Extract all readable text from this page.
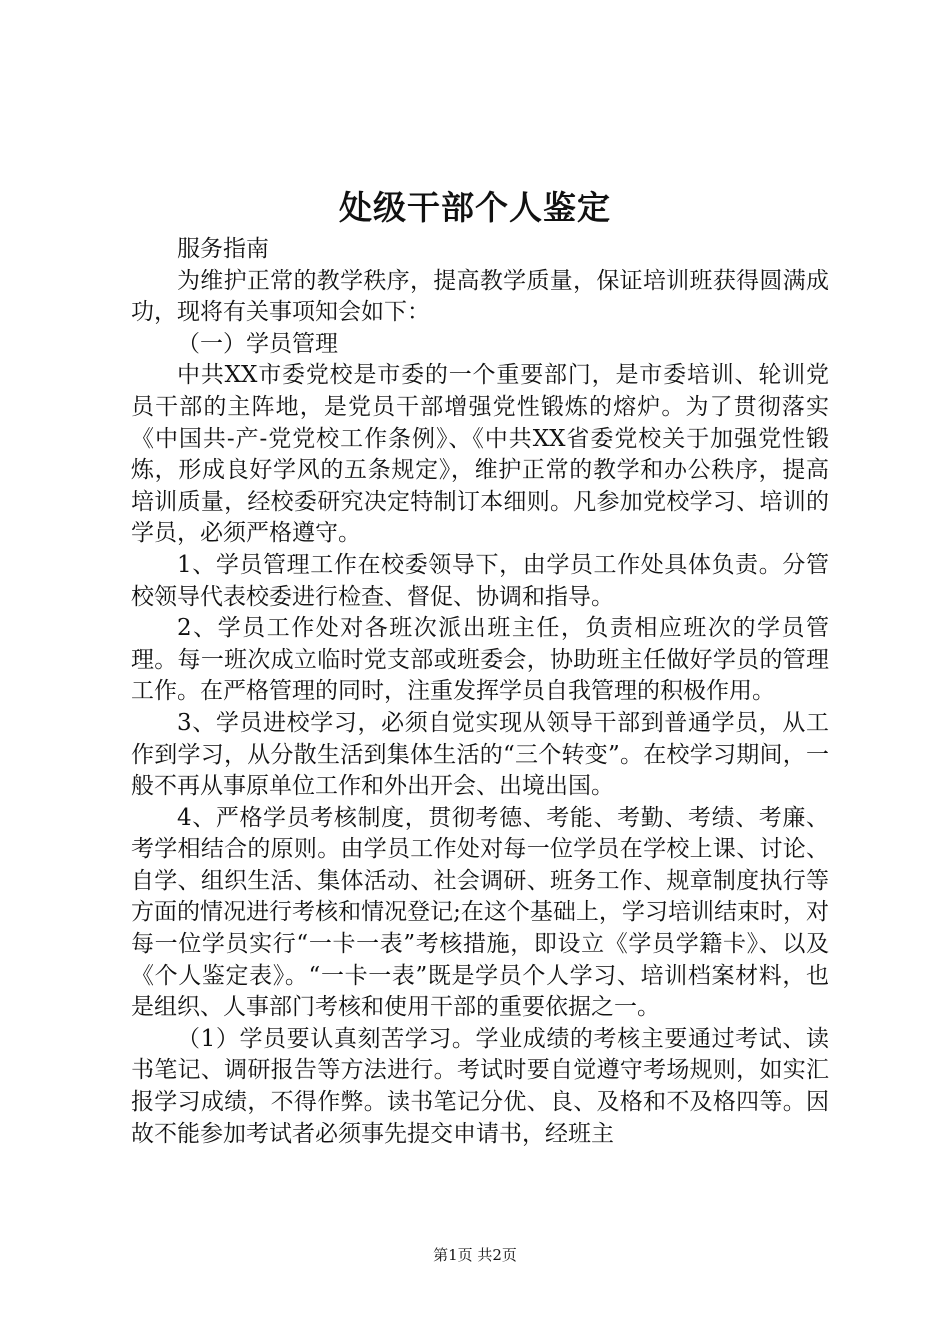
处级干部个人鉴定

服务指南

为维护正常的教学秩序，提高教学质量，保证培训班获得圆满成功，现将有关事项知会如下：

（一）学员管理

中共XX市委党校是市委的一个重要部门，是市委培训、轮训党员干部的主阵地，是党员干部增强党性锻炼的熔炉。为了贯彻落实《中国共-产-党党校工作条例》、《中共XX省委党校关于加强党性锻炼，形成良好学风的五条规定》，维护正常的教学和办公秩序，提高培训质量，经校委研究决定特制订本细则。凡参加党校学习、培训的学员，必须严格遵守。

1、学员管理工作在校委领导下，由学员工作处具体负责。分管校领导代表校委进行检查、督促、协调和指导。

2、学员工作处对各班次派出班主任，负责相应班次的学员管理。每一班次成立临时党支部或班委会，协助班主任做好学员的管理工作。在严格管理的同时，注重发挥学员自我管理的积极作用。

3、学员进校学习，必须自觉实现从领导干部到普通学员，从工作到学习，从分散生活到集体生活的“三个转变”。在校学习期间，一般不再从事原单位工作和外出开会、出境出国。

4、严格学员考核制度，贯彻考德、考能、考勤、考绩、考廉、考学相结合的原则。由学员工作处对每一位学员在学校上课、讨论、自学、组织生活、集体活动、社会调研、班务工作、规章制度执行等方面的情况进行考核和情况登记;在这个基础上，学习培训结束时，对每一位学员实行“一卡一表”考核措施，即设立《学员学籍卡》、以及《个人鉴定表》。“一卡一表”既是学员个人学习、培训档案材料，也是组织、人事部门考核和使用干部的重要依据之一。

（1）学员要认真刻苦学习。学业成绩的考核主要通过考试、读书笔记、调研报告等方法进行。考试时要自觉遵守考场规则，如实汇报学习成绩，不得作弊。读书笔记分优、良、及格和不及格四等。因故不能参加考试者必须事先提交申请书，经班主

第1页 共2页
